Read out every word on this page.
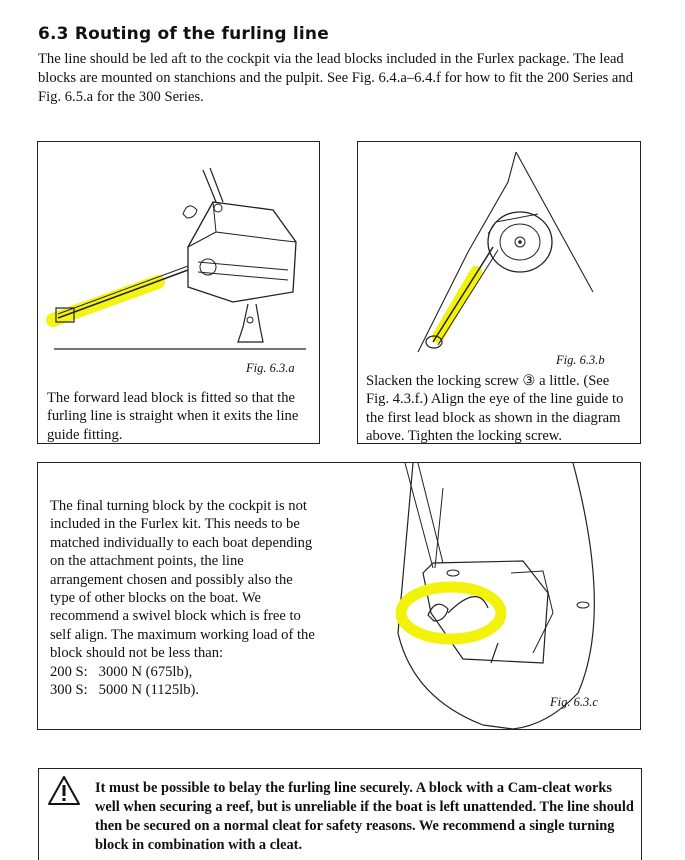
6.3 Routing of the furling line
The line should be led aft to the cockpit via the lead blocks included in the Furlex package. The lead blocks are mounted on stanchions and the pulpit. See Fig. 6.4.a–6.4.f for how to fit the 200 Series and Fig. 6.5.a for the 300 Series.
Fig. 6.3.a
The forward lead block is fitted so that the furling line is straight when it exits the line guide fitting.
Fig. 6.3.b
Slacken the locking screw ③ a little. (See Fig. 4.3.f.) Align the eye of the line guide to the first lead block as shown in the diagram above. Tighten the locking screw.
The final turning block by the cockpit is not included in the Furlex kit. This needs to be matched individually to each boat depending on the attachment points, the line arrangement chosen and possibly also the type of other blocks on the boat. We recommend a swivel block which is free to self align. The maximum working load of the block should not be less than:
200 S:  3000 N (675lb),
300 S:  5000 N (1125lb).
Fig. 6.3.c
It must be possible to belay the furling line securely. A block with a Cam-cleat works well when securing a reef, but is unreliable if the boat is left unattended. The line should then be secured on a normal cleat for safety reasons. We recommend a single turning block in combination with a cleat.
